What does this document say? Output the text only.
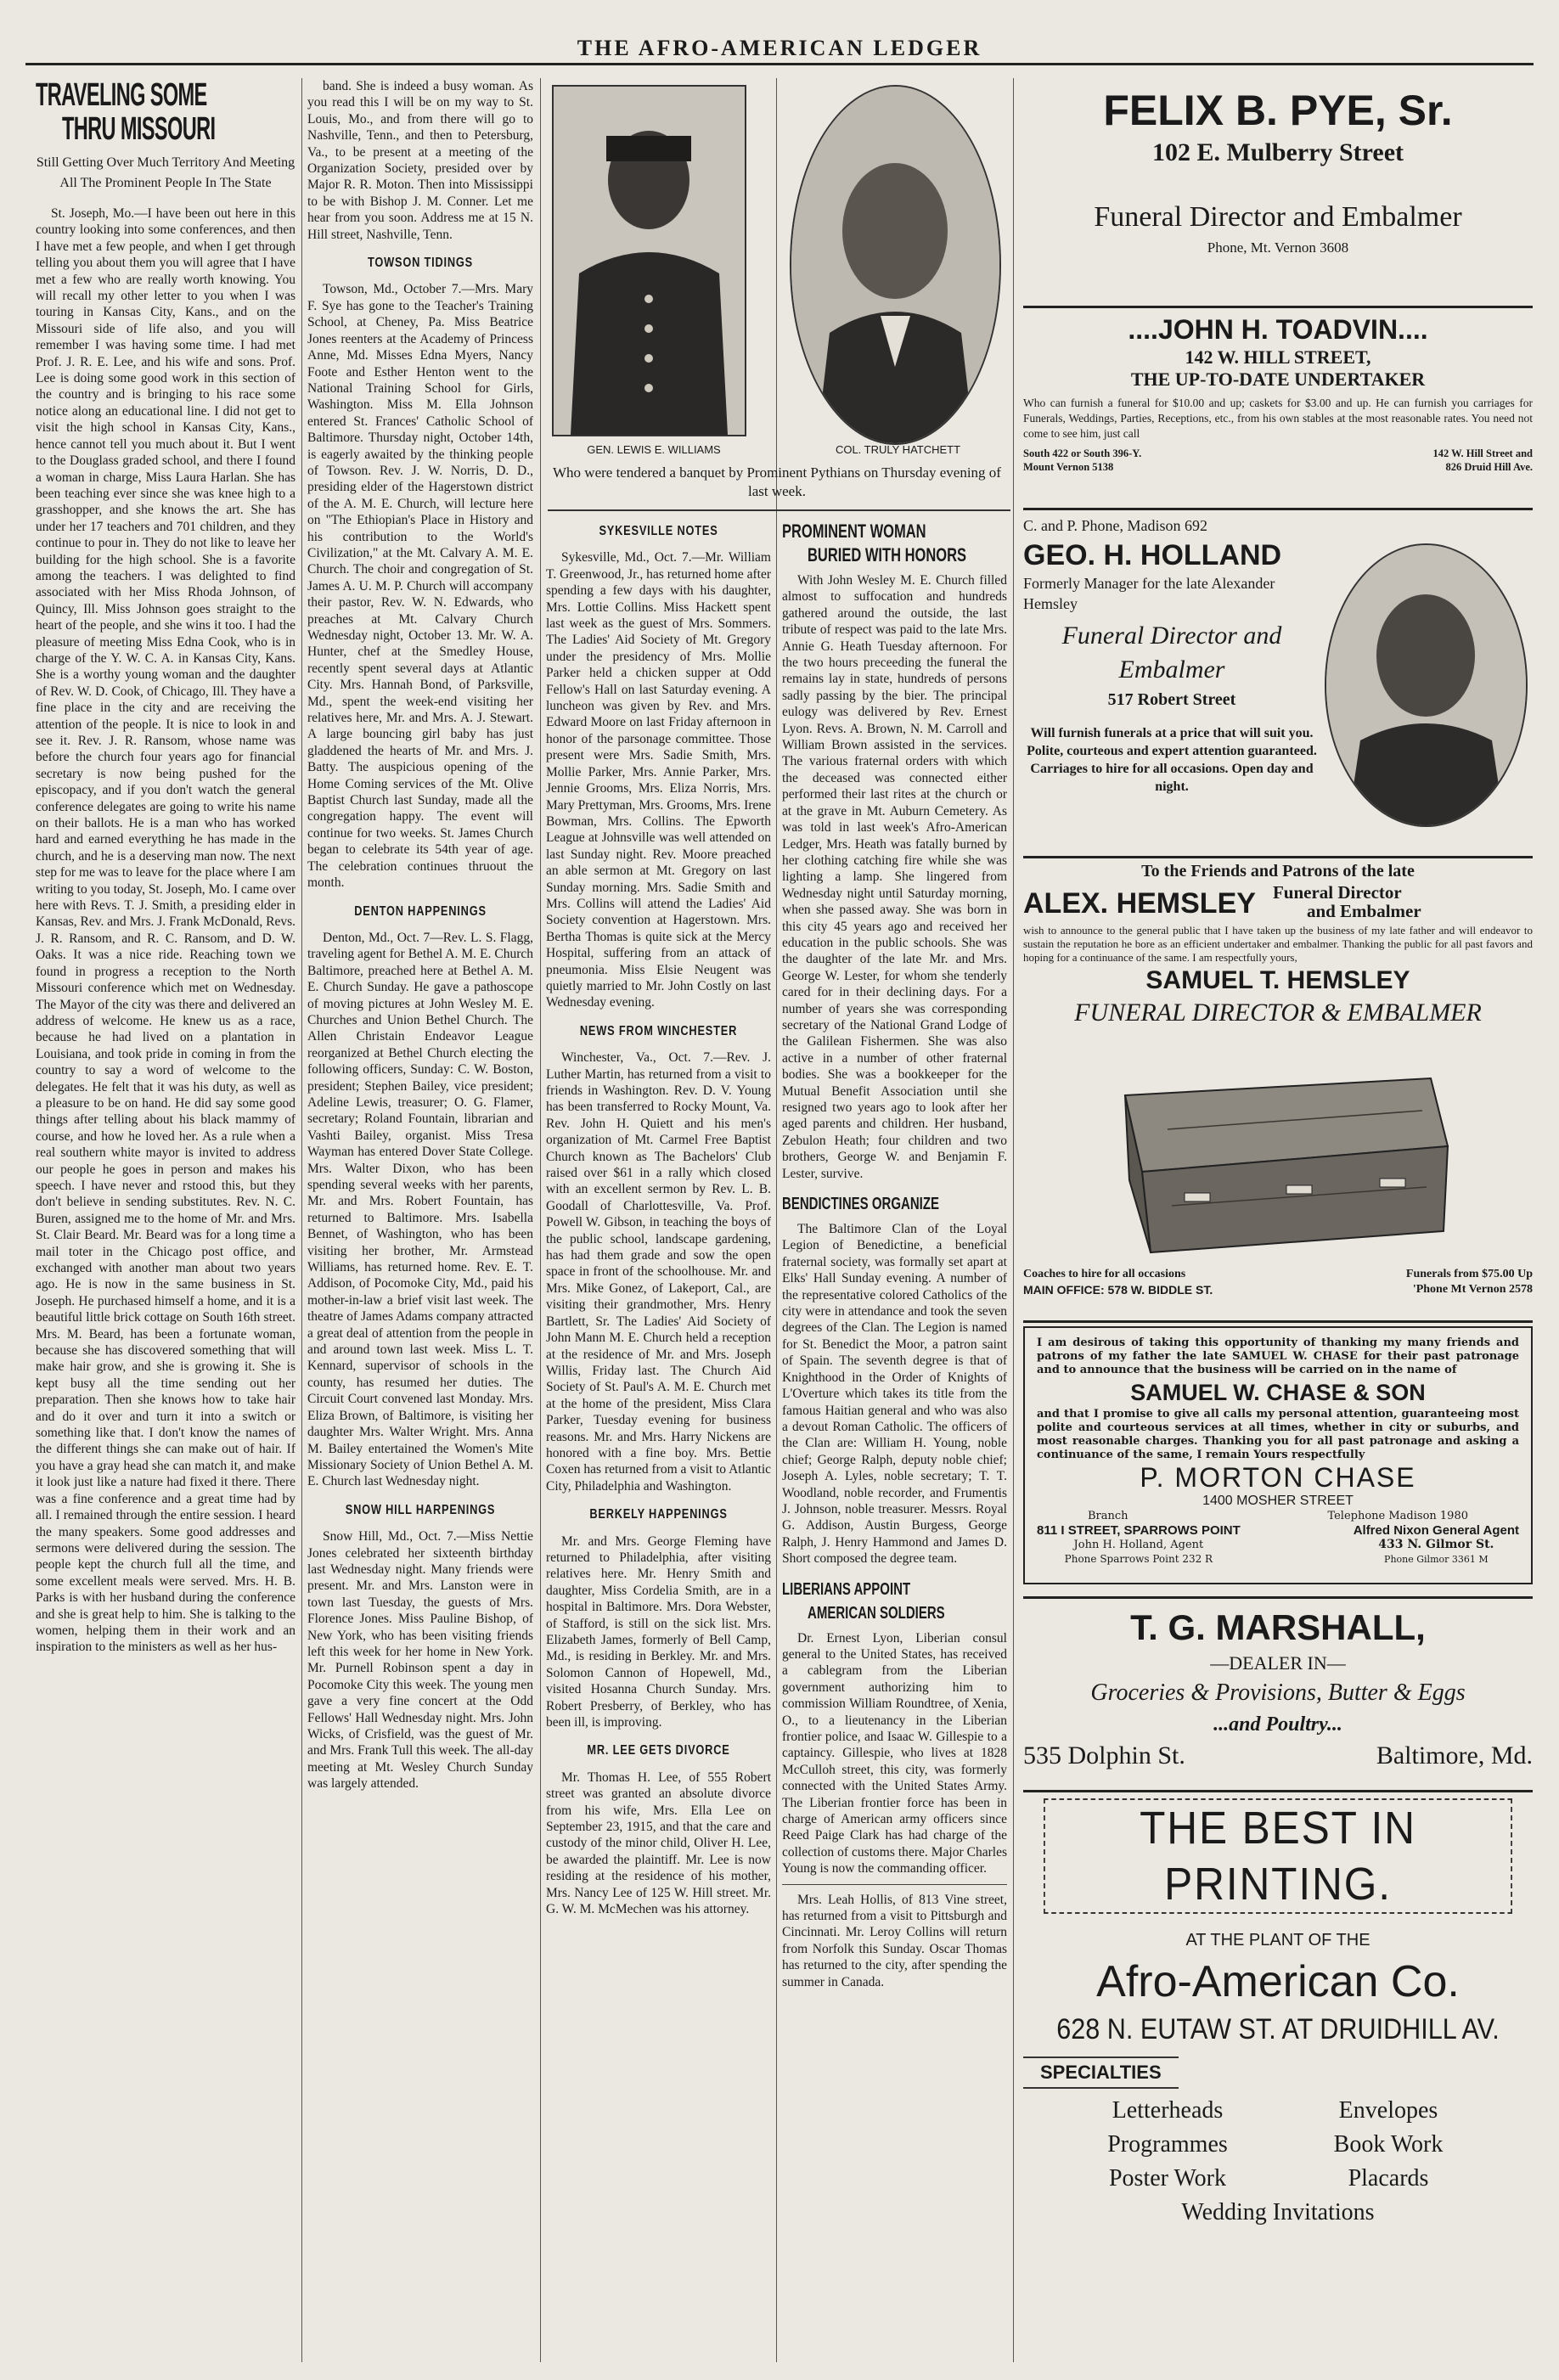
THE AFRO-AMERICAN LEDGER
TRAVELING SOME
THRU MISSOURI
Still Getting Over Much Territory And Meeting All The Prominent People In The State

St. Joseph, Mo.—I have been out here in this country looking into some conferences, and then I have met a few people, and when I get through telling you about them you will agree that I have met a few who are really worth knowing. You will recall my other letter to you when I was touring in Kansas City, Kans., and on the Missouri side of life also, and you will remember I was having some time. I had met Prof. J. R. E. Lee, and his wife and sons. Prof. Lee is doing some good work in this section of the country and is bringing to his race some notice along an educational line. I did not get to visit the high school in Kansas City, Kans., hence cannot tell you much about it. But I went to the Douglass graded school, and there I found a woman in charge, Miss Laura Harlan. She has been teaching ever since she was knee high to a grasshopper, and she knows the art. She has under her 17 teachers and 701 children, and they continue to pour in. They do not like to leave her building for the high school. She is a favorite among the teachers. I was delighted to find associated with her Miss Rhoda Johnson, of Quincy, Ill. Miss Johnson goes straight to the heart of the people, and she wins it too. I had the pleasure of meeting Miss Edna Cook, who is in charge of the Y. W. C. A. in Kansas City, Kans. She is a worthy young woman and the daughter of Rev. W. D. Cook, of Chicago, Ill. They have a fine place in the city and are receiving the attention of the people. It is nice to look in and see it. Rev. J. R. Ransom, whose name was before the church four years ago for financial secretary is now being pushed for the episcopacy, and if you don't watch the general conference delegates are going to write his name on their ballots. He is a man who has worked hard and earned everything he has made in the church, and he is a deserving man now. The next step for me was to leave for the place where I am writing to you today, St. Joseph, Mo. I came over here with Revs. T. J. Smith, a presiding elder in Kansas, Rev. and Mrs. J. Frank McDonald, Revs. J. R. Ransom, and R. C. Ransom, and D. W. Oaks. It was a nice ride. Reaching town we found in progress a reception to the North Missouri conference which met on Wednesday. The Mayor of the city was there and delivered an address of welcome. He knew us as a race, because he had lived on a plantation in Louisiana, and took pride in coming in from the country to say a word of welcome to the delegates. He felt that it was his duty, as well as a pleasure to be on hand. He did say some good things after telling about his black mammy of course, and how he loved her. As a rule when a real southern white mayor is invited to address our people he goes in person and makes his speech. I have never and rstood this, but they don't believe in sending substitutes. Rev. N. C. Buren, assigned me to the home of Mr. and Mrs. St. Clair Beard. Mr. Beard was for a long time a mail toter in the Chicago post office, and exchanged with another man about two years ago. He is now in the same business in St. Joseph. He purchased himself a home, and it is a beautiful little brick cottage on South 16th street. Mrs. M. Beard, has been a fortunate woman, because she has discovered something that will make hair grow, and she is growing it. She is kept busy all the time sending out her preparation. Then she knows how to take hair and do it over and turn it into a switch or something like that. I don't know the names of the different things she can make out of hair. If you have a gray head she can match it, and make it look just like a nature had fixed it there. There was a fine conference and a great time had by all. I remained through the entire session. I heard the many speakers. Some good addresses and sermons were delivered during the session. The people kept the church full all the time, and some excellent meals were served. Mrs. H. B. Parks is with her husband during the conference and she is great help to him. She is talking to the women, helping them in their work and an inspiration to the ministers as well as her hus-

band. She is indeed a busy woman. As you read this I will be on my way to St. Louis, Mo., and from there will go to Nashville, Tenn., and then to Petersburg, Va., to be present at a meeting of the Organization Society, presided over by Major R. R. Moton. Then into Mississippi to be with Bishop J. M. Conner. Let me hear from you soon. Address me at 15 N. Hill street, Nashville, Tenn.

TOWSON TIDINGS

Towson, Md., October 7.—Mrs. Mary F. Sye has gone to the Teacher's Training School, at Cheney, Pa. Miss Beatrice Jones reenters at the Academy of Princess Anne, Md. Misses Edna Myers, Nancy Foote and Esther Henton went to the National Training School for Girls, Washington. Miss M. Ella Johnson entered St. Frances' Catholic School of Baltimore. Thursday night, October 14th, is eagerly awaited by the thinking people of Towson. Rev. J. W. Norris, D. D., presiding elder of the Hagerstown district of the A. M. E. Church, will lecture here on "The Ethiopian's Place in History and his contribution to the World's Civilization," at the Mt. Calvary A. M. E. Church. The choir and congregation of St. James A. U. M. P. Church will accompany their pastor, Rev. W. N. Edwards, who preaches at Mt. Calvary Church Wednesday night, October 13. Mr. W. A. Hunter, chef at the Smedley House, recently spent several days at Atlantic City. Mrs. Hannah Bond, of Parksville, Md., spent the week-end visiting her relatives here, Mr. and Mrs. A. J. Stewart. A large bouncing girl baby has just gladdened the hearts of Mr. and Mrs. J. Batty. The auspicious opening of the Home Coming services of the Mt. Olive Baptist Church last Sunday, made all the congregation happy. The event will continue for two weeks. St. James Church began to celebrate its 54th year of age. The celebration continues thruout the month.

DENTON HAPPENINGS

Denton, Md., Oct. 7—Rev. L. S. Flagg, traveling agent for Bethel A. M. E. Church Baltimore, preached here at Bethel A. M. E. Church Sunday. He gave a pathoscope of moving pictures at John Wesley M. E. Churches and Union Bethel Church. The Allen Christain Endeavor League reorganized at Bethel Church electing the following officers, Sunday: C. W. Boston, president; Stephen Bailey, vice president; Adeline Lewis, treasurer; O. G. Flamer, secretary; Roland Fountain, librarian and Vashti Bailey, organist. Miss Tresa Wayman has entered Dover State College. Mrs. Walter Dixon, who has been spending several weeks with her parents, Mr. and Mrs. Robert Fountain, has returned to Baltimore. Mrs. Isabella Bennet, of Washington, who has been visiting her brother, Mr. Armstead Williams, has returned home. Rev. E. T. Addison, of Pocomoke City, Md., paid his mother-in-law a brief visit last week. The theatre of James Adams company attracted a great deal of attention from the people in and around town last week. Miss L. T. Kennard, supervisor of schools in the county, has resumed her duties. The Circuit Court convened last Monday. Mrs. Eliza Brown, of Baltimore, is visiting her daughter Mrs. Walter Wright. Mrs. Anna M. Bailey entertained the Women's Mite Missionary Society of Union Bethel A. M. E. Church last Wednesday night.

SNOW HILL HARPENINGS

Snow Hill, Md., Oct. 7.—Miss Nettie Jones celebrated her sixteenth birthday last Wednesday night. Many friends were present. Mr. and Mrs. Lanston were in town last Tuesday, the guests of Mrs. Florence Jones. Miss Pauline Bishop, of New York, who has been visiting friends left this week for her home in New York. Mr. Purnell Robinson spent a day in Pocomoke City this week. The young men gave a very fine concert at the Odd Fellows' Hall Wednesday night. Mrs. John Wicks, of Crisfield, was the guest of Mr. and Mrs. Frank Tull this week. The all-day meeting at Mt. Wesley Church Sunday was largely attended.

GEN. LEWIS E. WILLIAMS	COL. TRULY HATCHETT
Who were tendered a banquet by Prominent Pythians on Thursday evening of last week.
SYKESVILLE NOTES

Sykesville, Md., Oct. 7.—Mr. William T. Greenwood, Jr., has returned home after spending a few days with his daughter, Mrs. Lottie Collins. Miss Hackett spent last week as the guest of Mrs. Sommers. The Ladies' Aid Society of Mt. Gregory under the presidency of Mrs. Mollie Parker held a chicken supper at Odd Fellow's Hall on last Saturday evening. A luncheon was given by Rev. and Mrs. Edward Moore on last Friday afternoon in honor of the parsonage committee. Those present were Mrs. Sadie Smith, Mrs. Mollie Parker, Mrs. Annie Parker, Mrs. Jennie Grooms, Mrs. Eliza Norris, Mrs. Mary Prettyman, Mrs. Grooms, Mrs. Irene Bowman, Mrs. Collins. The Epworth League at Johnsville was well attended on last Sunday night. Rev. Moore preached an able sermon at Mt. Gregory on last Sunday morning. Mrs. Sadie Smith and Mrs. Collins will attend the Ladies' Aid Society convention at Hagerstown. Mrs. Bertha Thomas is quite sick at the Mercy Hospital, suffering from an attack of pneumonia. Miss Elsie Neugent was quietly married to Mr. John Costly on last Wednesday evening.

NEWS FROM WINCHESTER

Winchester, Va., Oct. 7.—Rev. J. Luther Martin, has returned from a visit to friends in Washington. Rev. D. V. Young has been transferred to Rocky Mount, Va. Rev. John H. Quiett and his men's organization of Mt. Carmel Free Baptist Church known as The Bachelors' Club raised over $61 in a rally which closed with an excellent sermon by Rev. L. B. Goodall of Charlottesville, Va. Prof. Powell W. Gibson, in teaching the boys of the public school, landscape gardening, has had them grade and sow the open space in front of the schoolhouse. Mr. and Mrs. Mike Gonez, of Lakeport, Cal., are visiting their grandmother, Mrs. Henry Bartlett, Sr. The Ladies' Aid Society of John Mann M. E. Church held a reception at the residence of Mr. and Mrs. Joseph Willis, Friday last. The Church Aid Society of St. Paul's A. M. E. Church met at the home of the president, Miss Clara Parker, Tuesday evening for business reasons. Mr. and Mrs. Harry Nickens are honored with a fine boy. Mrs. Bettie Coxen has returned from a visit to Atlantic City, Philadelphia and Washington.

BERKELY HAPPENINGS

Mr. and Mrs. George Fleming have returned to Philadelphia, after visiting relatives here. Mr. Henry Smith and daughter, Miss Cordelia Smith, are in a hospital in Baltimore. Mrs. Dora Webster, of Stafford, is still on the sick list. Mrs. Elizabeth James, formerly of Bell Camp, Md., is residing in Berkley. Mr. and Mrs. Solomon Cannon of Hopewell, Md., visited Hosanna Church Sunday. Mrs. Robert Presberry, of Berkley, who has been ill, is improving.

MR. LEE GETS DIVORCE

Mr. Thomas H. Lee, of 555 Robert street was granted an absolute divorce from his wife, Mrs. Ella Lee on September 23, 1915, and that the care and custody of the minor child, Oliver H. Lee, be awarded the plaintiff. Mr. Lee is now residing at the residence of his mother, Mrs. Nancy Lee of 125 W. Hill street. Mr. G. W. M. McMechen was his attorney.

PROMINENT WOMAN
BURIED WITH HONORS

With John Wesley M. E. Church filled almost to suffocation and hundreds gathered around the outside, the last tribute of respect was paid to the late Mrs. Annie G. Heath Tuesday afternoon. For the two hours preceeding the funeral the remains lay in state, hundreds of persons sadly passing by the bier. The principal eulogy was delivered by Rev. Ernest Lyon. Revs. A. Brown, N. M. Carroll and William Brown assisted in the services. The various fraternal orders with which the deceased was connected either performed their last rites at the church or at the grave in Mt. Auburn Cemetery. As was told in last week's Afro-American Ledger, Mrs. Heath was fatally burned by her clothing catching fire while she was lighting a lamp. She lingered from Wednesday night until Saturday morning, when she passed away. She was born in this city 45 years ago and received her education in the public schools. She was the daughter of the late Mr. and Mrs. George W. Lester, for whom she tenderly cared for in their declining days. For a number of years she was corresponding secretary of the National Grand Lodge of the Galilean Fishermen. She was also active in a number of other fraternal bodies. She was a bookkeeper for the Mutual Benefit Association until she resigned two years ago to look after her aged parents and children. Her husband, Zebulon Heath; four children and two brothers, George W. and Benjamin F. Lester, survive.

BENDICTINES ORGANIZE

The Baltimore Clan of the Loyal Legion of Benedictine, a beneficial fraternal society, was formally set apart at Elks' Hall Sunday evening. A number of the representative colored Catholics of the city were in attendance and took the seven degrees of the Clan. The Legion is named for St. Benedict the Moor, a patron saint of Spain. The seventh degree is that of Knighthood in the Order of Knights of L'Overture which takes its title from the famous Haitian general and who was also a devout Roman Catholic. The officers of the Clan are: William H. Young, noble chief; George Ralph, deputy noble chief; Joseph A. Lyles, noble secretary; T. T. Woodland, noble recorder, and Frumentis J. Johnson, noble treasurer. Messrs. Royal G. Addison, Austin Burgess, George Ralph, J. Henry Hammond and James D. Short composed the degree team.

LIBERIANS APPOINT
AMERICAN SOLDIERS

Dr. Ernest Lyon, Liberian consul general to the United States, has received a cablegram from the Liberian government authorizing him to commission William Roundtree, of Xenia, O., to a lieutenancy in the Liberian frontier police, and Isaac W. Gillespie to a captaincy. Gillespie, who lives at 1828 McCulloh street, this city, was formerly connected with the United States Army. The Liberian frontier force has been in charge of American army officers since Reed Paige Clark has had charge of the collection of customs there. Major Charles Young is now the commanding officer.

Mrs. Leah Hollis, of 813 Vine street, has returned from a visit to Pittsburgh and Cincinnati. Mr. Leroy Collins will return from Norfolk this Sunday. Oscar Thomas has returned to the city, after spending the summer in Canada.

FELIX B. PYE, Sr.
102 E. Mulberry Street
Funeral Director and Embalmer
Phone, Mt. Vernon 3608
....JOHN H. TOADVIN....
142 W. HILL STREET,
THE UP-TO-DATE UNDERTAKER
Who can furnish a funeral for $10.00 and up; caskets for $3.00 and up. He can furnish you carriages for Funerals, Weddings, Parties, Receptions, etc., from his own stables at the most reasonable rates. You need not come to see him, just call
South 422 or South 396-Y.
Mount Vernon 5138
142 W. Hill Street and
826 Druid Hill Ave.
C. and P. Phone, Madison 692
GEO. H. HOLLAND
Formerly Manager for the late Alexander Hemsley
Funeral Director and
Embalmer
517 Robert Street
Will furnish funerals at a price that will suit you. Polite, courteous and expert attention guaranteed. Carriages to hire for all occasions. Open day and night.
To the Friends and Patrons of the late
ALEX. HEMSLEY Funeral Director
and Embalmer
wish to announce to the general public that I have taken up the business of my late father and will endeavor to sustain the reputation he bore as an efficient undertaker and embalmer. Thanking the public for all past favors and hoping for a continuance of the same. I am respectfully yours,
SAMUEL T. HEMSLEY
FUNERAL DIRECTOR & EMBALMER
Coaches to hire for all occasions
MAIN OFFICE: 578 W. BIDDLE ST.
Funerals from $75.00 Up
'Phone Mt Vernon 2578
I am desirous of taking this opportunity of thanking my many friends and patrons of my father the late SAMUEL W. CHASE for their past patronage and to announce that the business will be carried on in the name of
SAMUEL W. CHASE & SON
and that I promise to give all calls my personal attention, guaranteeing most polite and courteous services at all times, whether in city or suburbs, and most reasonable charges. Thanking you for all past patronage and asking a continuance of the same, I remain Yours respectfully
P. MORTON CHASE
1400 MOSHER STREET
Branch	Telephone Madison 1980
811 I STREET, SPARROWS POINT
John H. Holland, Agent
Phone Sparrows Point 232 R
Alfred Nixon General Agent
433 N. Gilmor St.
Phone Gilmor 3361 M
T. G. MARSHALL,
—DEALER IN—
Groceries & Provisions, Butter & Eggs
...and Poultry...
535 Dolphin St.	Baltimore, Md.
THE BEST IN PRINTING.
AT THE PLANT OF THE
Afro-American Co.
628 N. EUTAW ST. AT DRUIDHILL AV.
SPECIALTIES
Letterheads	Envelopes
Programmes	Book Work
Poster Work	Placards
Wedding Invitations
